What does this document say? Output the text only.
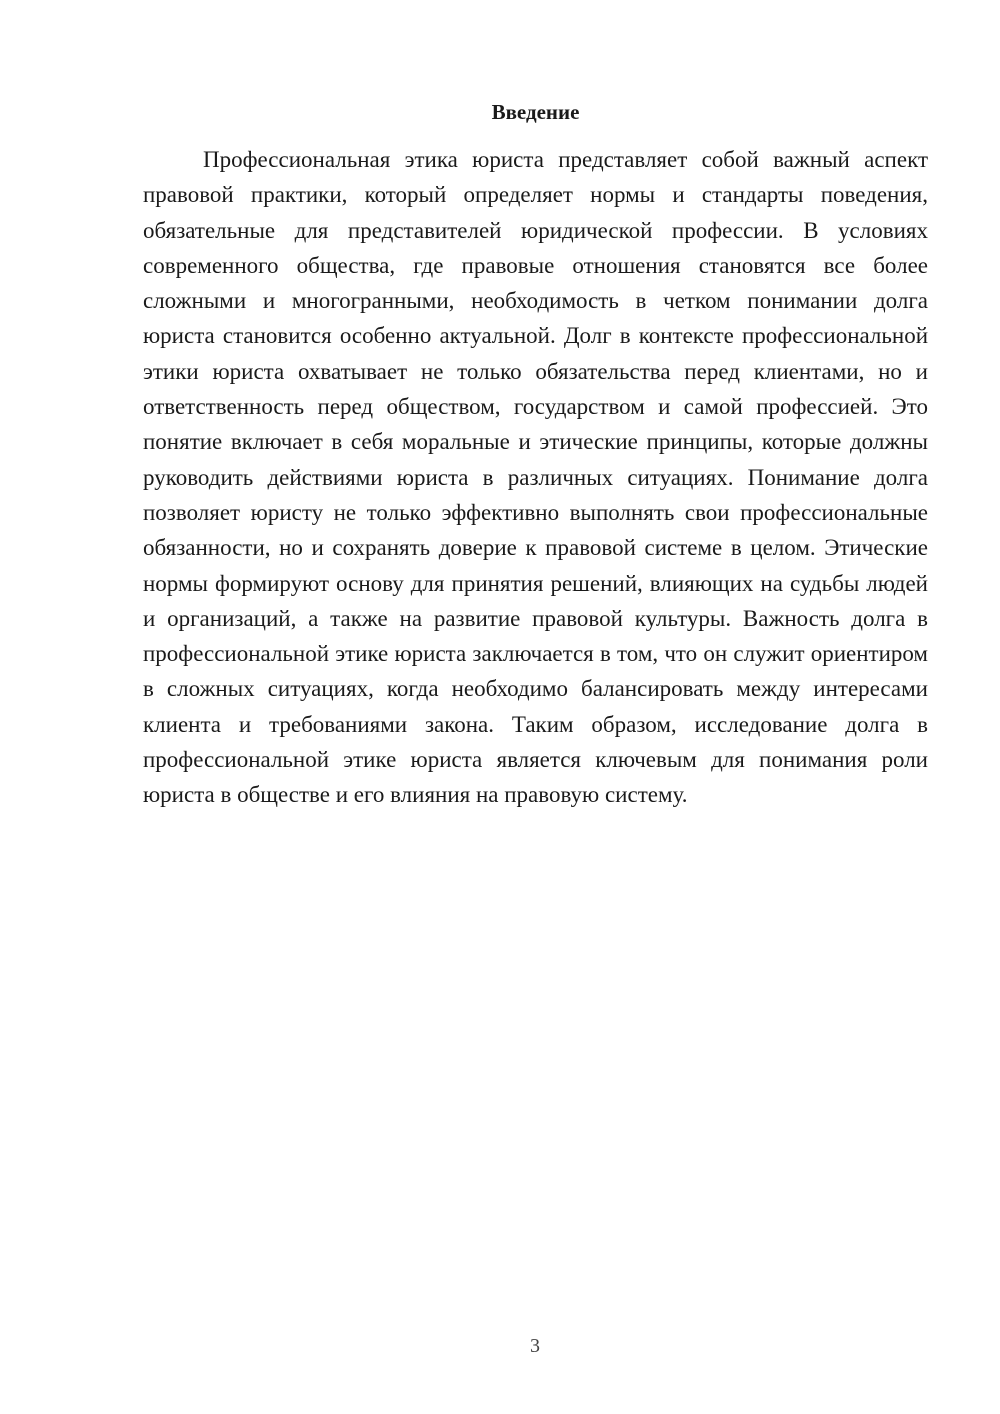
Введение

Профессиональная этика юриста представляет собой важный аспект правовой практики, который определяет нормы и стандарты поведения, обязательные для представителей юридической профессии. В условиях современного общества, где правовые отношения становятся все более сложными и многогранными, необходимость в четком понимании долга юриста становится особенно актуальной. Долг в контексте профессиональной этики юриста охватывает не только обязательства перед клиентами, но и ответственность перед обществом, государством и самой профессией. Это понятие включает в себя моральные и этические принципы, которые должны руководить действиями юриста в различных ситуациях. Понимание долга позволяет юристу не только эффективно выполнять свои профессиональные обязанности, но и сохранять доверие к правовой системе в целом. Этические нормы формируют основу для принятия решений, влияющих на судьбы людей и организаций, а также на развитие правовой культуры. Важность долга в профессиональной этике юриста заключается в том, что он служит ориентиром в сложных ситуациях, когда необходимо балансировать между интересами клиента и требованиями закона. Таким образом, исследование долга в профессиональной этике юриста является ключевым для понимания роли юриста в обществе и его влияния на правовую систему.

3
